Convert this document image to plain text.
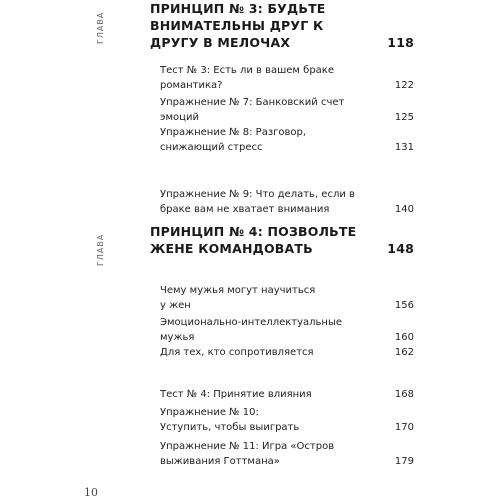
ГЛАВА
ГЛАВА
ПРИНЦИП № 3: БУДЬТЕ ВНИМАТЕЛЬНЫ ДРУГ К ДРУГУ В МЕЛОЧАХ	118
Тест № 3: Есть ли в вашем браке романтика?	122
Упражнение № 7: Банковский счет эмоций	125
Упражнение № 8: Разговор, снижающий стресс	131
Упражнение № 9: Что делать, если в браке вам не хватает внимания	140
ПРИНЦИП № 4: ПОЗВОЛЬТЕ ЖЕНЕ КОМАНДОВАТЬ	148
Чему мужья могут научиться у жен	156
Эмоционально-интеллектуальные мужья	160
Для тех, кто сопротивляется	162
Тест № 4: Принятие влияния	168
Упражнение № 10: Уступить, чтобы выиграть	170
Упражнение № 11: Игра «Остров выживания Готтмана»	179
10
